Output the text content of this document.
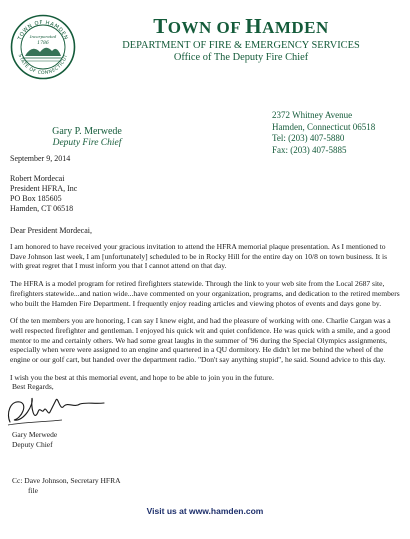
TOWN OF HAMDEN
STATE OF CONNECTICUT
Incorporated
1786
TOWN OF HAMDEN
DEPARTMENT OF FIRE & EMERGENCY SERVICES
Office of The Deputy Fire Chief
Gary P. Merwede
Deputy Fire Chief
2372 Whitney Avenue
Hamden, Connecticut 06518
Tel: (203) 407-5880
Fax: (203) 407-5885
September 9, 2014
Robert Mordecai
President HFRA, Inc
PO Box 185605
Hamden, CT 06518
Dear President Mordecai,

I am honored to have received your gracious invitation to attend the HFRA memorial plaque presentation. As I mentioned to Dave Johnson last week, I am [unfortunately] scheduled to be in Rocky Hill for the entire day on 10/8 on town business. It is with great regret that I must inform you that I cannot attend on that day.

The HFRA is a model program for retired firefighters statewide. Through the link to your web site from the Local 2687 site, firefighters statewide...and nation wide...have commented on your organization, programs, and dedication to the retired members who built the Hamden Fire Department. I frequently enjoy reading articles and viewing photos of events and days gone by.

Of the ten members you are honoring, I can say I knew eight, and had the pleasure of working with one. Charlie Cargan was a well respected firefighter and gentleman. I enjoyed his quick wit and quiet confidence. He was quick with a smile, and a good mentor to me and certainly others. We had some great laughs in the summer of '96 during the Special Olympics assignments, especially when were were assigned to an engine and quartered in a QU dormitory. He didn't let me behind the wheel of the engine or our golf cart, but handed over the department radio. "Don't say anything stupid", he said. Sound advice to this day.

I wish you the best at this memorial event, and hope to be able to join you in the future.

Best Regards,
Gary Merwede
Deputy Chief
Cc: Dave Johnson, Secretary HFRA
file
Visit us at www.hamden.com
